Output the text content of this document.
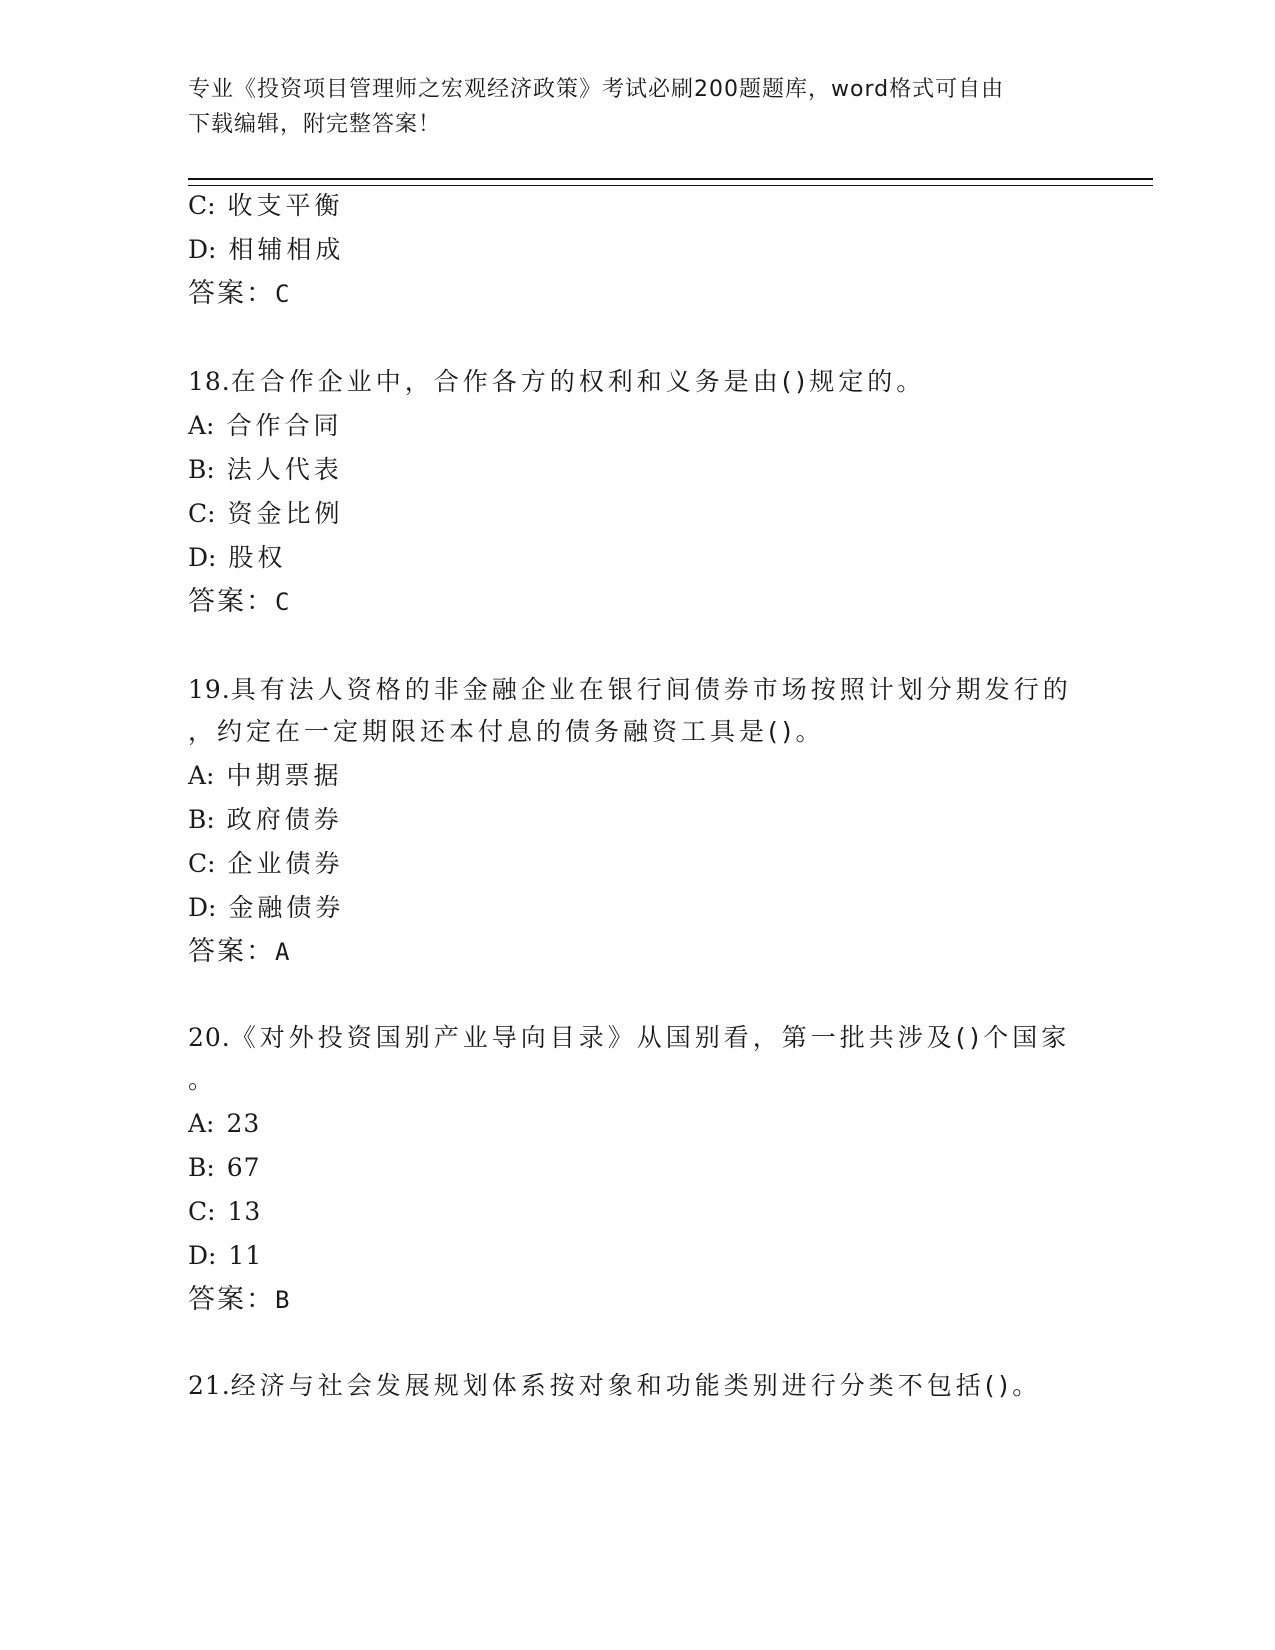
专业《投资项目管理师之宏观经济政策》考试必刷200题题库，word格式可自由
下载编辑，附完整答案！
C: 收支平衡
D: 相辅相成
答案：C
18.在合作企业中，合作各方的权利和义务是由()规定的。
A: 合作合同
B: 法人代表
C: 资金比例
D: 股权
答案：C
19.具有法人资格的非金融企业在银行间债券市场按照计划分期发行的
，约定在一定期限还本付息的债务融资工具是()。
A: 中期票据
B: 政府债券
C: 企业债券
D: 金融债券
答案：A
20.《对外投资国别产业导向目录》从国别看，第一批共涉及()个国家
。
A: 23
B: 67
C: 13
D: 11
答案：B
21.经济与社会发展规划体系按对象和功能类别进行分类不包括()。
